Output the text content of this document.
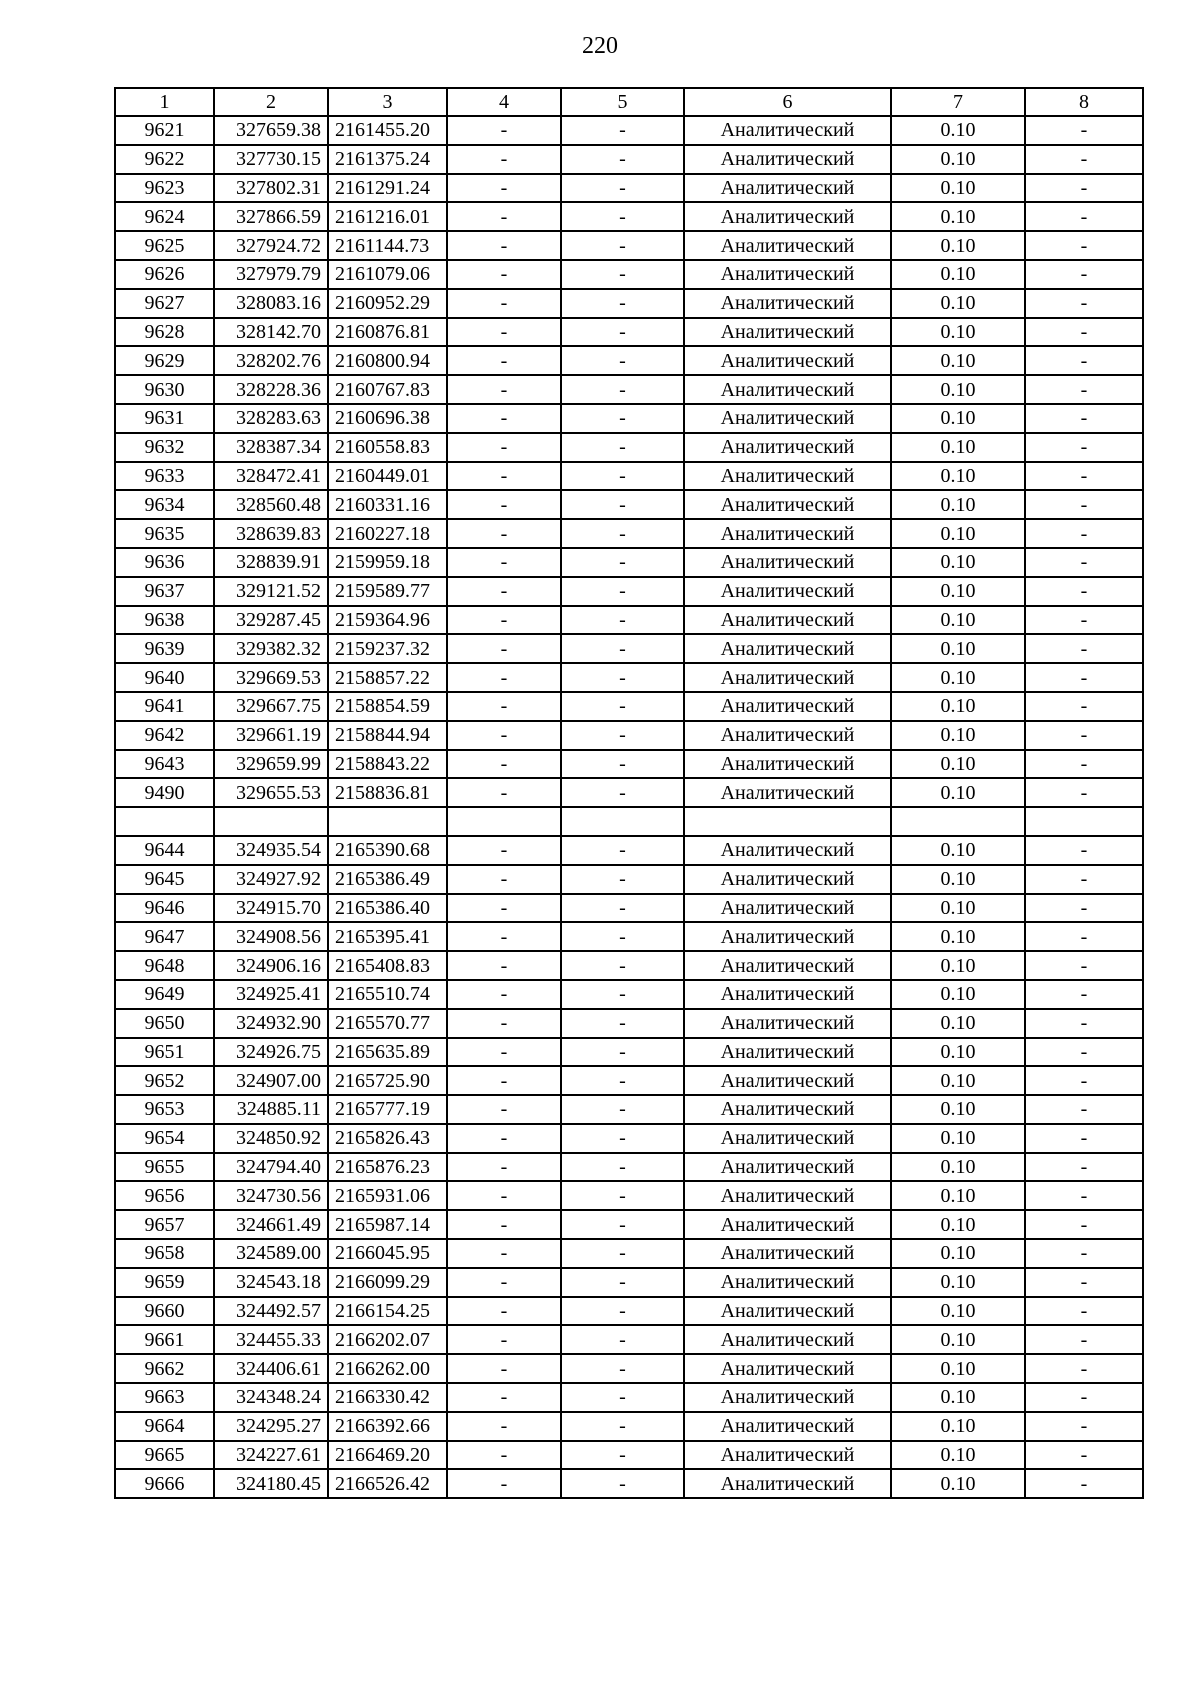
220
1	2	3	4	5	6	7	8
9621	327659.38	2161455.20	-	-	Аналитический	0.10	-
9622	327730.15	2161375.24	-	-	Аналитический	0.10	-
9623	327802.31	2161291.24	-	-	Аналитический	0.10	-
9624	327866.59	2161216.01	-	-	Аналитический	0.10	-
9625	327924.72	2161144.73	-	-	Аналитический	0.10	-
9626	327979.79	2161079.06	-	-	Аналитический	0.10	-
9627	328083.16	2160952.29	-	-	Аналитический	0.10	-
9628	328142.70	2160876.81	-	-	Аналитический	0.10	-
9629	328202.76	2160800.94	-	-	Аналитический	0.10	-
9630	328228.36	2160767.83	-	-	Аналитический	0.10	-
9631	328283.63	2160696.38	-	-	Аналитический	0.10	-
9632	328387.34	2160558.83	-	-	Аналитический	0.10	-
9633	328472.41	2160449.01	-	-	Аналитический	0.10	-
9634	328560.48	2160331.16	-	-	Аналитический	0.10	-
9635	328639.83	2160227.18	-	-	Аналитический	0.10	-
9636	328839.91	2159959.18	-	-	Аналитический	0.10	-
9637	329121.52	2159589.77	-	-	Аналитический	0.10	-
9638	329287.45	2159364.96	-	-	Аналитический	0.10	-
9639	329382.32	2159237.32	-	-	Аналитический	0.10	-
9640	329669.53	2158857.22	-	-	Аналитический	0.10	-
9641	329667.75	2158854.59	-	-	Аналитический	0.10	-
9642	329661.19	2158844.94	-	-	Аналитический	0.10	-
9643	329659.99	2158843.22	-	-	Аналитический	0.10	-
9490	329655.53	2158836.81	-	-	Аналитический	0.10	-

9644	324935.54	2165390.68	-	-	Аналитический	0.10	-
9645	324927.92	2165386.49	-	-	Аналитический	0.10	-
9646	324915.70	2165386.40	-	-	Аналитический	0.10	-
9647	324908.56	2165395.41	-	-	Аналитический	0.10	-
9648	324906.16	2165408.83	-	-	Аналитический	0.10	-
9649	324925.41	2165510.74	-	-	Аналитический	0.10	-
9650	324932.90	2165570.77	-	-	Аналитический	0.10	-
9651	324926.75	2165635.89	-	-	Аналитический	0.10	-
9652	324907.00	2165725.90	-	-	Аналитический	0.10	-
9653	324885.11	2165777.19	-	-	Аналитический	0.10	-
9654	324850.92	2165826.43	-	-	Аналитический	0.10	-
9655	324794.40	2165876.23	-	-	Аналитический	0.10	-
9656	324730.56	2165931.06	-	-	Аналитический	0.10	-
9657	324661.49	2165987.14	-	-	Аналитический	0.10	-
9658	324589.00	2166045.95	-	-	Аналитический	0.10	-
9659	324543.18	2166099.29	-	-	Аналитический	0.10	-
9660	324492.57	2166154.25	-	-	Аналитический	0.10	-
9661	324455.33	2166202.07	-	-	Аналитический	0.10	-
9662	324406.61	2166262.00	-	-	Аналитический	0.10	-
9663	324348.24	2166330.42	-	-	Аналитический	0.10	-
9664	324295.27	2166392.66	-	-	Аналитический	0.10	-
9665	324227.61	2166469.20	-	-	Аналитический	0.10	-
9666	324180.45	2166526.42	-	-	Аналитический	0.10	-
